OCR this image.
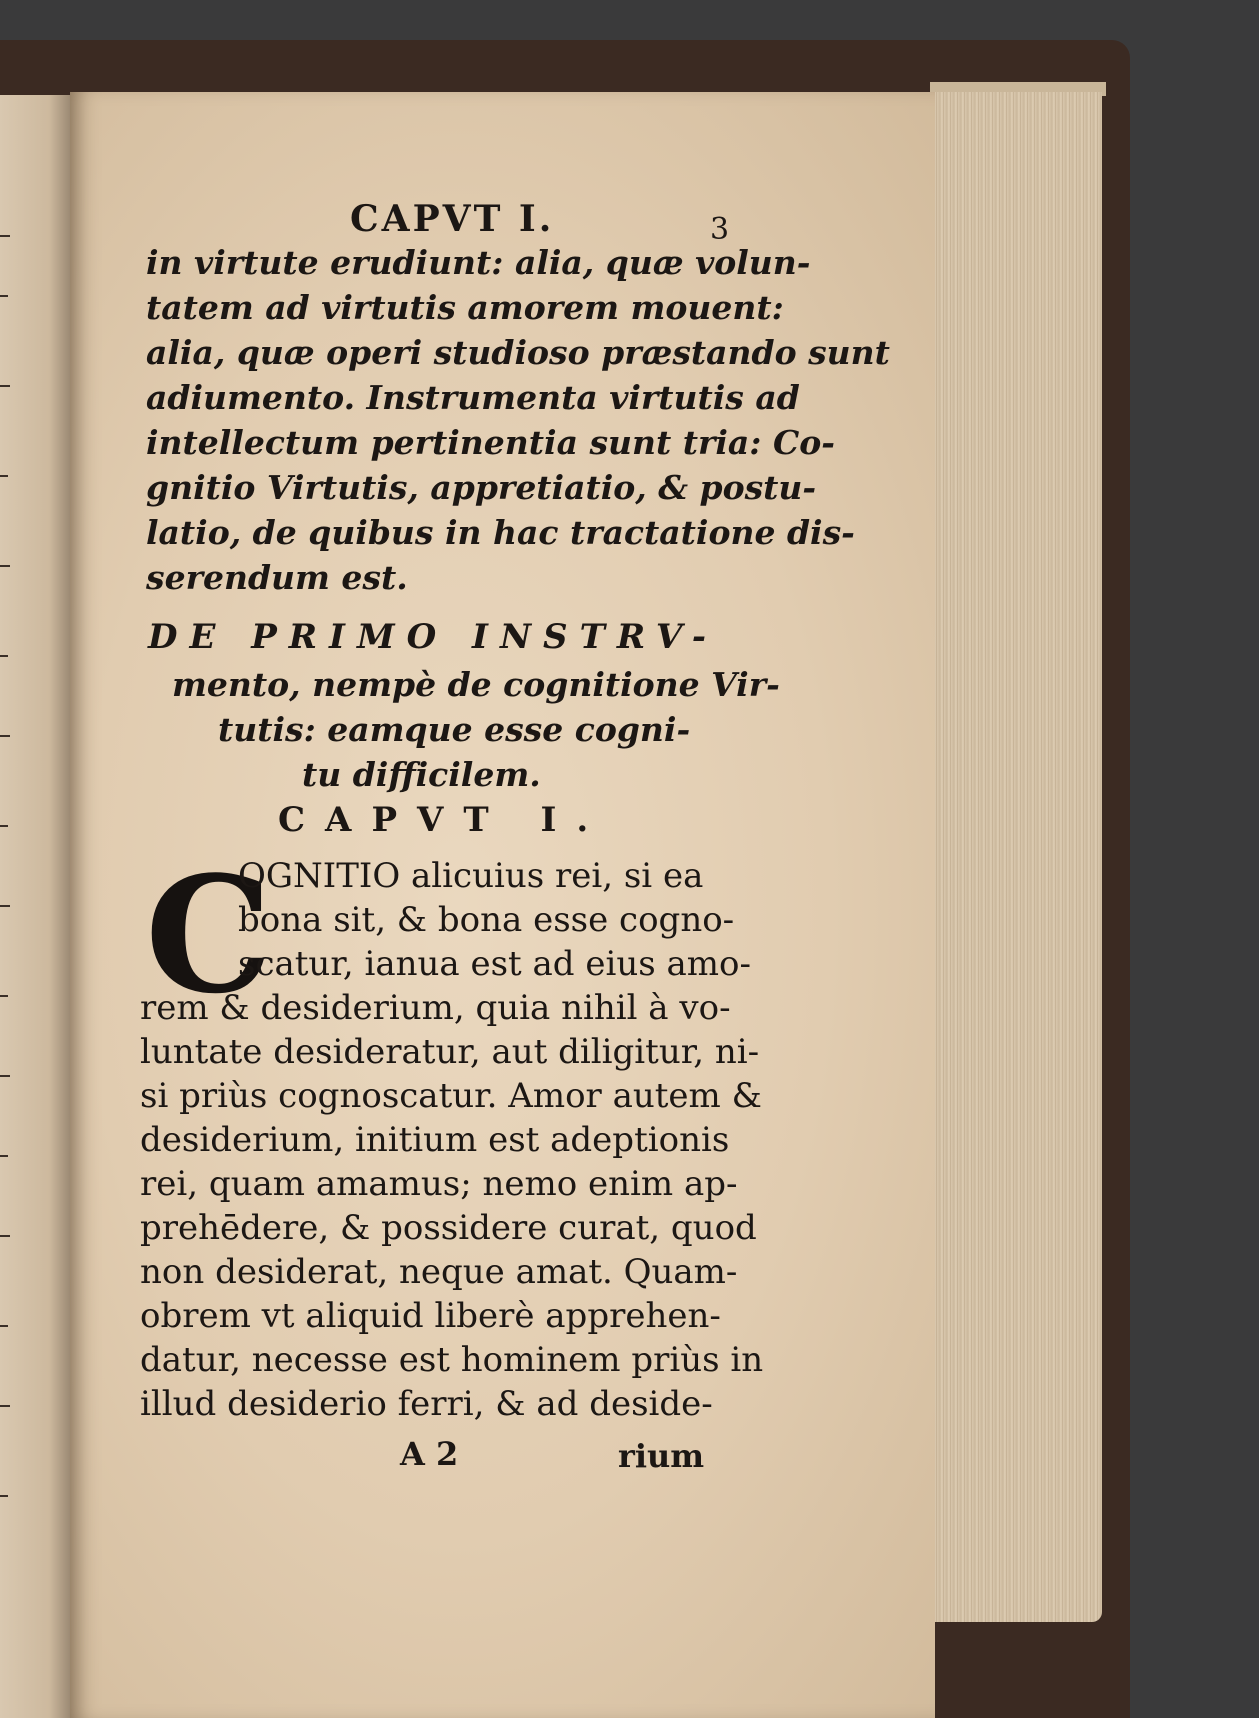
CAPVT I.	3
in virtute erudiunt: alia, quæ volun-
tatem ad virtutis amorem mouent:
alia, quæ operi studioso præstando sunt
adiumento. Instrumenta virtutis ad
intellectum pertinentia sunt tria: Co-
gnitio Virtutis, appretiatio, & postu-
latio, de quibus in hac tractatione dis-
serendum est.
DE PRIMO INSTRV-
mento, nempè de cognitione Vir-
tutis: eamque esse cogni-
tu difficilem.
CAPVT I.
C
OGNITIO alicuius rei, si ea
bona sit, & bona esse cogno-
scatur, ianua est ad eius amo-
rem & desiderium, quia nihil à vo-
luntate desideratur, aut diligitur, ni-
si priùs cognoscatur. Amor autem &
desiderium, initium est adeptionis
rei, quam amamus; nemo enim ap-
prehēdere, & possidere curat, quod
non desiderat, neque amat. Quam-
obrem vt aliquid liberè apprehen-
datur, necesse est hominem priùs in
illud desiderio ferri, & ad deside-
A 2	rium
